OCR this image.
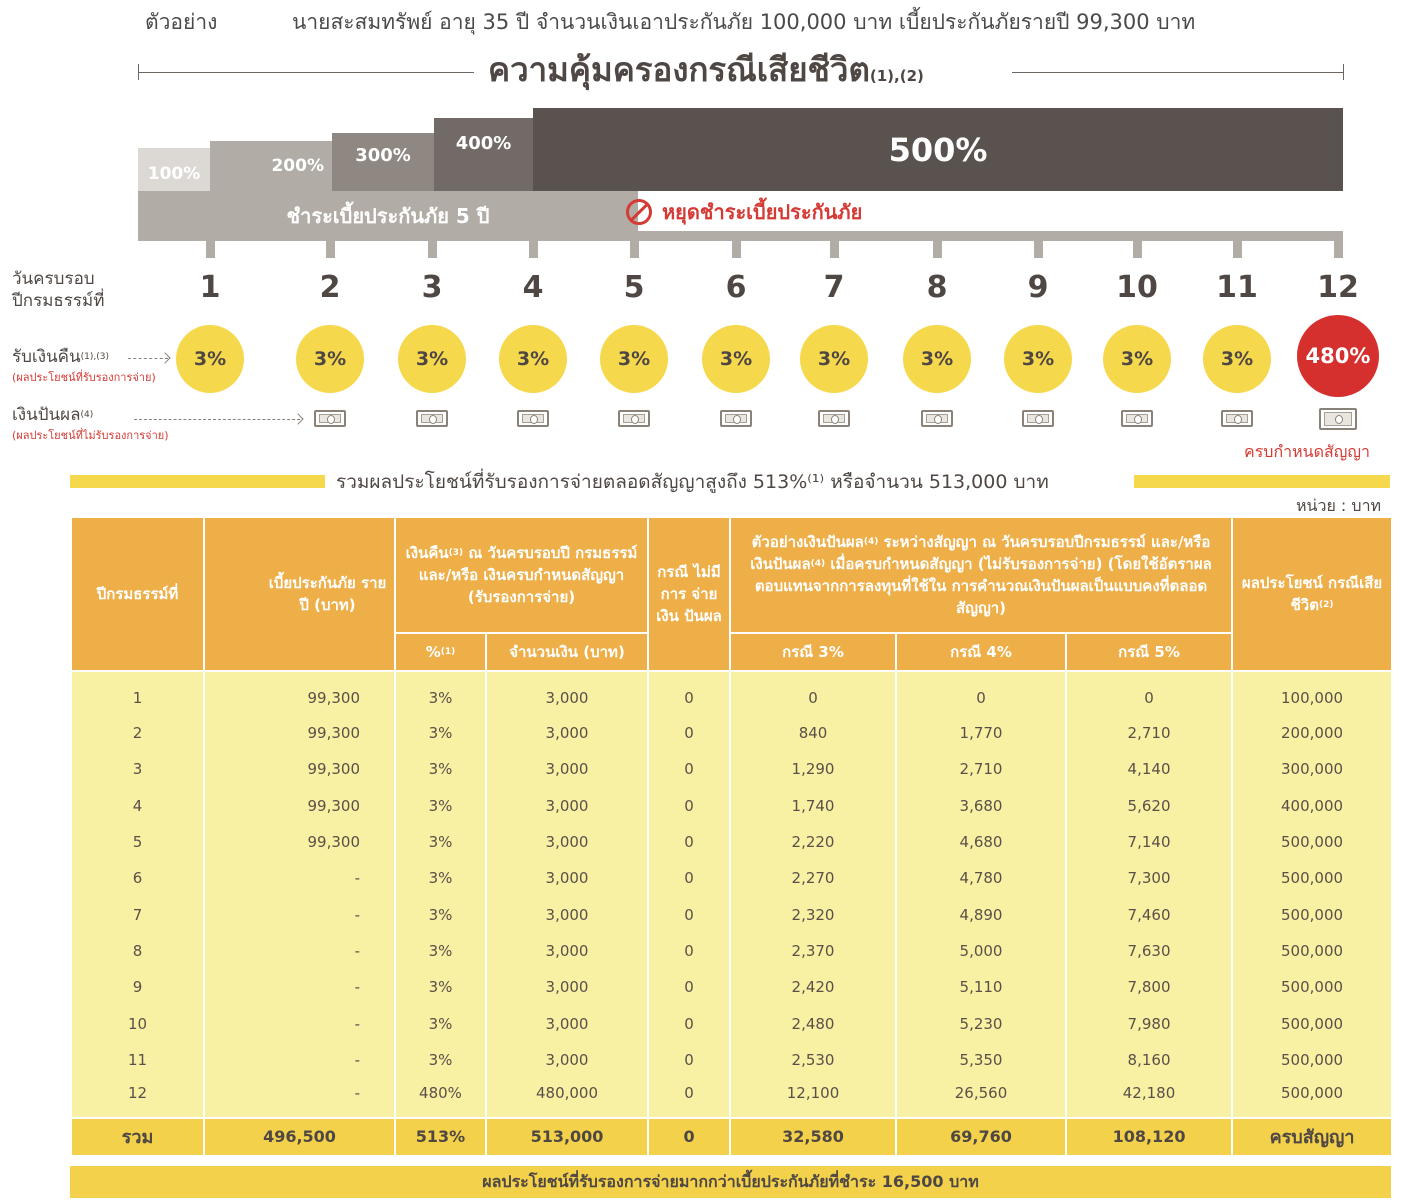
ตัวอย่าง	นายสะสมทรัพย์ อายุ 35 ปี จำนวนเงินเอาประกันภัย 100,000 บาท เบี้ยประกันภัยรายปี 99,300 บาท
ความคุ้มครองกรณีเสียชีวิต$^{(1),(2)}$
100%	200%
300%
400%	500%
ชำระเบี้ยประกันภัย 5 ปี	หยุดชำระเบี้ยประกันภัย
1
3%
2
3%
3
3%
4
3%
5
3%
6
3%
7
3%
8
3%
9
3%
10
3%
11
3%
12
480%
วันครบรอบ
ปีกรมธรรม์ที่
รับเงินคืน$^{(1),(3)}$
(ผลประโยชน์ที่รับรองการจ่าย)
เงินปันผล$^{(4)}$
(ผลประโยชน์ที่ไม่รับรองการจ่าย)
ครบกำหนดสัญญา
รวมผลประโยชน์ที่รับรองการจ่ายตลอดสัญญาสูงถึง 513%⁽¹⁾ หรือจำนวน 513,000 บาท
หน่วย : บาท
ปีกรมธรรม์ที่	เบี้ยประกันภัย รายปี (บาท)	เงินคืน$^{(3)}$ ณ วันครบรอบปี กรมธรรม์ และ/หรือ เงินครบกำหนดสัญญา (รับรองการจ่าย)		กรณี ไม่มีการ จ่ายเงิน ปันผล	ตัวอย่างเงินปันผล$^{(4)}$ ระหว่างสัญญา ณ วันครบรอบปีกรมธรรม์ และ/หรือเงินปันผล$^{(4)}$ เมื่อครบกำหนดสัญญา (ไม่รับรองการจ่าย) (โดยใช้อัตราผลตอบแทนจากการลงทุนที่ใช้ใน การคำนวณเงินปันผลเป็นแบบคงที่ตลอดสัญญา)			ผลประโยชน์ กรณีเสียชีวิต$^{(2)}$
		%$^{(1)}$	จำนวนเงิน (บาท)		กรณี 3%	กรณี 4%	กรณี 5%	
1	99,300	3%	3,000	0	0	0	0	100,000
2	99,300	3%	3,000	0	840	1,770	2,710	200,000
3	99,300	3%	3,000	0	1,290	2,710	4,140	300,000
4	99,300	3%	3,000	0	1,740	3,680	5,620	400,000
5	99,300	3%	3,000	0	2,220	4,680	7,140	500,000
6	-	3%	3,000	0	2,270	4,780	7,300	500,000
7	-	3%	3,000	0	2,320	4,890	7,460	500,000
8	-	3%	3,000	0	2,370	5,000	7,630	500,000
9	-	3%	3,000	0	2,420	5,110	7,800	500,000
10	-	3%	3,000	0	2,480	5,230	7,980	500,000
11	-	3%	3,000	0	2,530	5,350	8,160	500,000
12	-	480%	480,000	0	12,100	26,560	42,180	500,000
รวม	496,500	513%	513,000	0	32,580	69,760	108,120	ครบสัญญา
ผลประโยชน์ที่รับรองการจ่ายมากกว่าเบี้ยประกันภัยที่ชำระ 16,500 บาท
